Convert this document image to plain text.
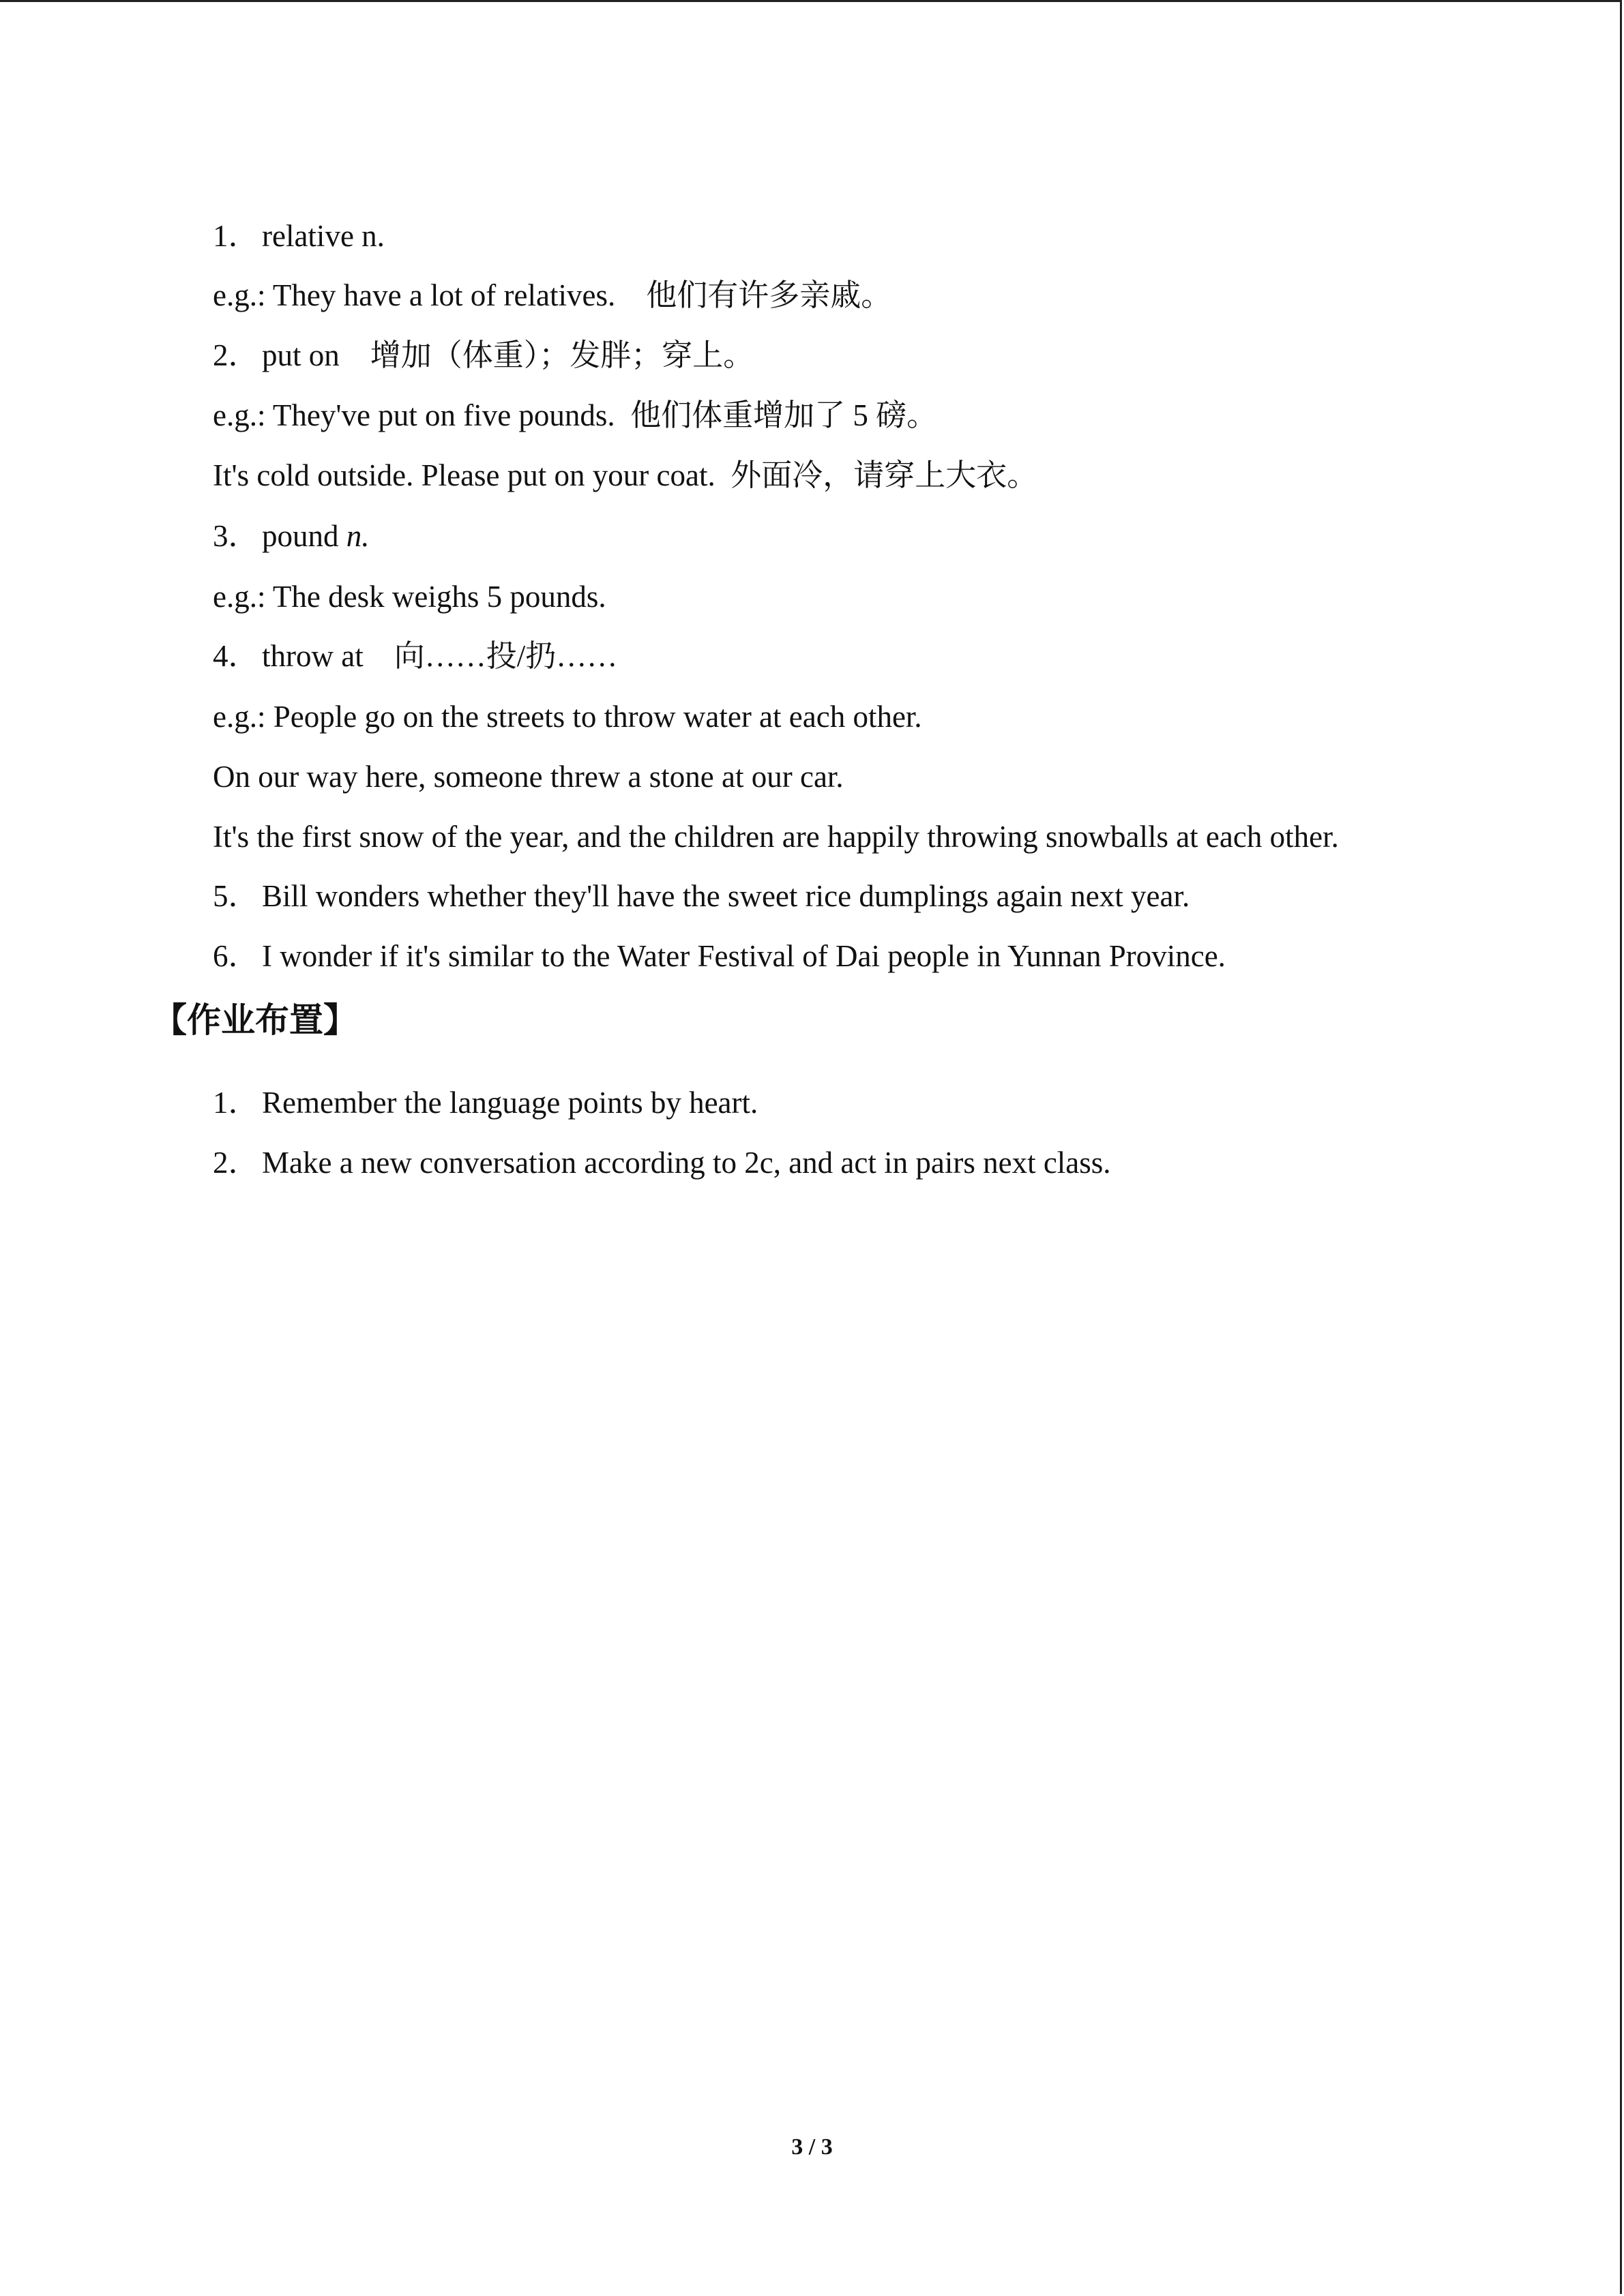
1．relative n.
e.g.: They have a lot of relatives.　他们有许多亲戚。
2．put on　增加（体重）；发胖；穿上。
e.g.: They've put on five pounds.  他们体重增加了 5 磅。
It's cold outside. Please put on your coat.  外面冷，请穿上大衣。
3．pound n.
e.g.: The desk weighs 5 pounds.
4．throw at　向……投/扔……
e.g.: People go on the streets to throw water at each other.
On our way here, someone threw a stone at our car.
It's the first snow of the year, and the children are happily throwing snowballs at each other.
5．Bill wonders whether they'll have the sweet rice dumplings again next year.
6．I wonder if it's similar to the Water Festival of Dai people in Yunnan Province.
【作业布置】
1．Remember the language points by heart.
2．Make a new conversation according to 2c, and act in pairs next class.
3 / 3
